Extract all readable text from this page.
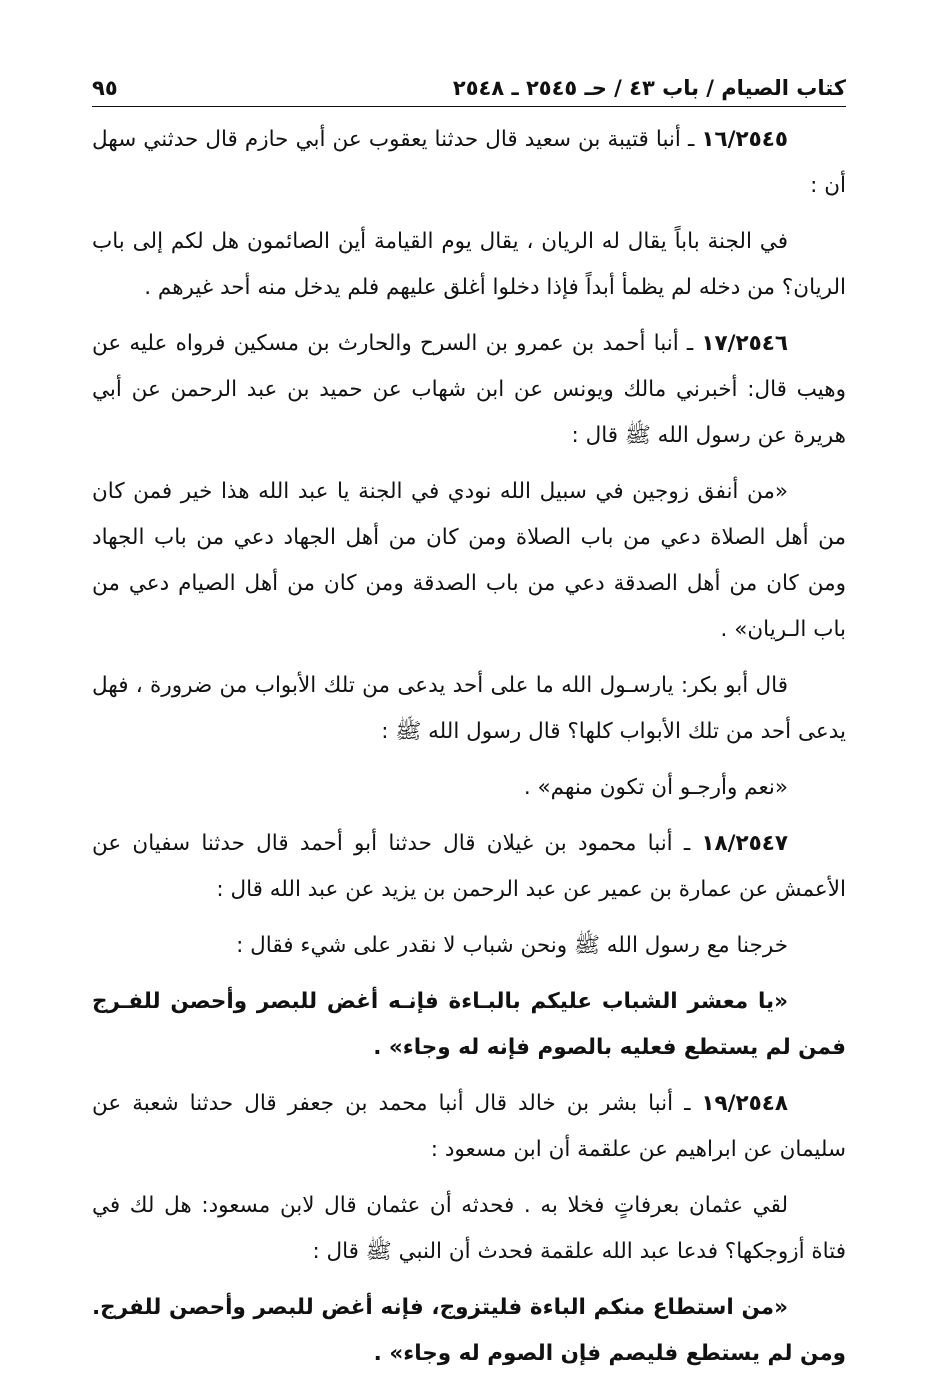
كتاب الصيام / باب ٤٣ / حـ ٢٥٤٥ ـ ٢٥٤٨
٩٥

١٦/٢٥٤٥ ـ أنبا قتيبة بن سعيد قال حدثنا يعقوب عن أبي حازم قال حدثني سهل أن :

في الجنة باباً يقال له الريان ، يقال يوم القيامة أين الصائمون هل لكم إلى باب الريان؟ من دخله لم يظمأ أبداً فإذا دخلوا أغلق عليهم فلم يدخل منه أحد غيرهم .

١٧/٢٥٤٦ ـ أنبا أحمد بن عمرو بن السرح والحارث بن مسكين فرواه عليه عن وهيب قال: أخبرني مالك ويونس عن ابن شهاب عن حميد بن عبد الرحمن عن أبي هريرة عن رسول الله ﷺ قال :

«من أنفق زوجين في سبيل الله نودي في الجنة يا عبد الله هذا خير فمن كان من أهل الصلاة دعي من باب الصلاة ومن كان من أهل الجهاد دعي من باب الجهاد ومن كان من أهل الصدقة دعي من باب الصدقة ومن كان من أهل الصيام دعي من باب الـريان» .

قال أبو بكر: يارسـول الله ما على أحد يدعى من تلك الأبواب من ضرورة ، فهل يدعى أحد من تلك الأبواب كلها؟ قال رسول الله ﷺ :

«نعم وأرجـو أن تكون منهم» .

١٨/٢٥٤٧ ـ أنبا محمود بن غيلان قال حدثنا أبو أحمد قال حدثنا سفيان عن الأعمش عن عمارة بن عمير عن عبد الرحمن بن يزيد عن عبد الله قال :

خرجنا مع رسول الله ﷺ ونحن شباب لا نقدر على شيء فقال :

«يا معشر الشباب عليكم بالبـاءة فإنـه أغض للبصر وأحصن للفـرج فمن لم يستطع فعليه بالصوم فإنه له وجاء» .

١٩/٢٥٤٨ ـ أنبا بشر بن خالد قال أنبا محمد بن جعفر قال حدثنا شعبة عن سليمان عن ابراهيم عن علقمة أن ابن مسعود :

لقي عثمان بعرفاتٍ فخلا به . فحدثه أن عثمان قال لابن مسعود: هل لك في فتاة أزوجكها؟ فدعا عبد الله علقمة فحدث أن النبي ﷺ قال :

«من استطاع منكم الباءة فليتزوج، فإنه أغض للبصر وأحصن للفرج. ومن لم يستطع فليصم فإن الصوم له وجاء» .
